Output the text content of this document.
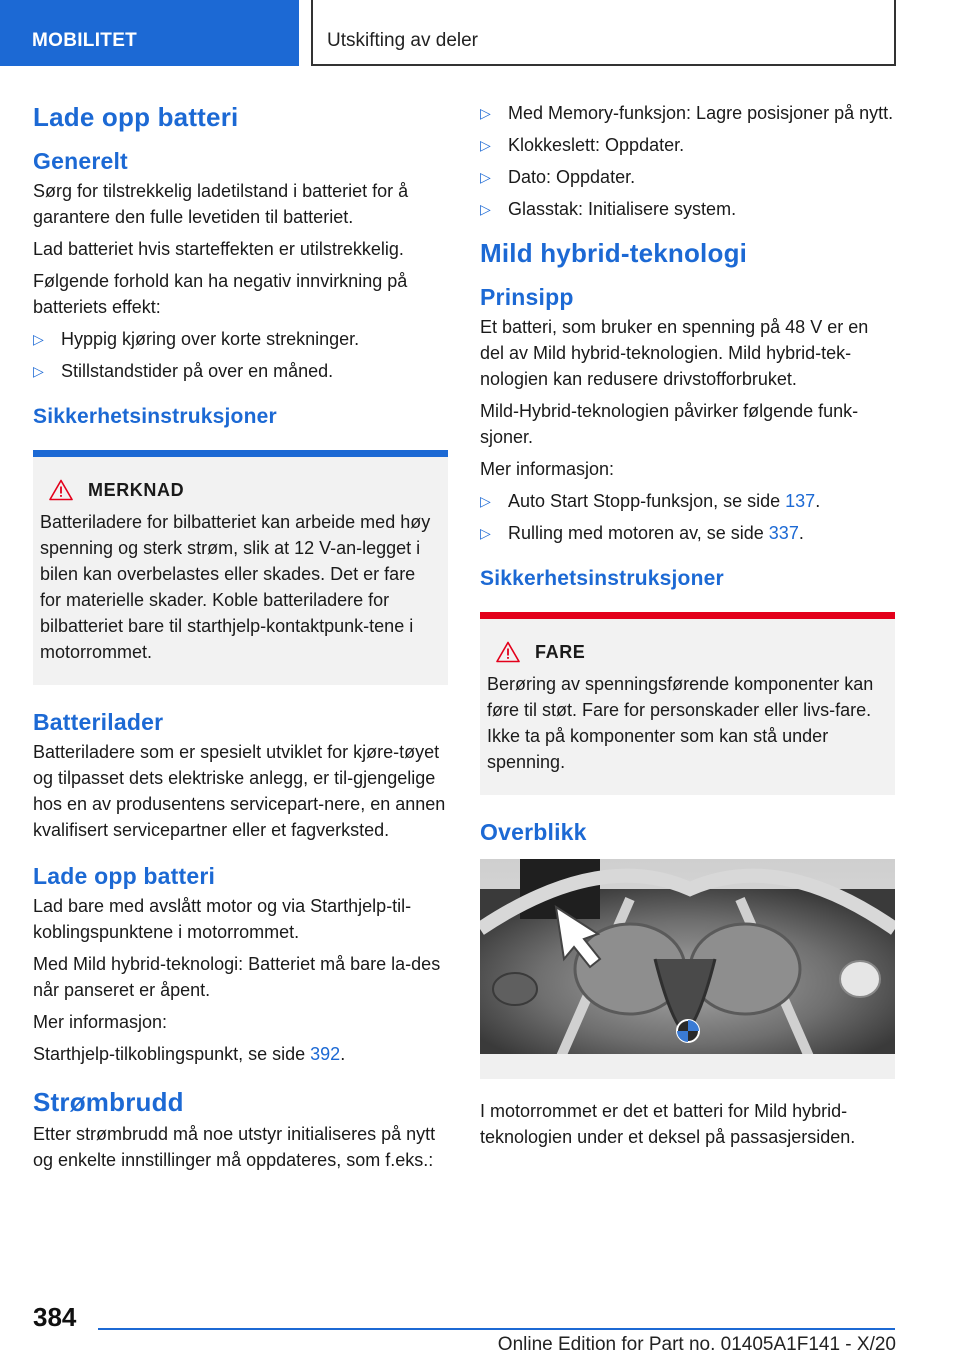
MOBILITET	Utskifting av deler
Lade opp batteri
Generelt

Sørg for tilstrekkelig ladetilstand i batteriet for å garantere den fulle levetiden til batteriet.

Lad batteriet hvis starteffekten er utilstrekkelig.

Følgende forhold kan ha negativ innvirkning på batteriets effekt:

▷ Hyppig kjøring over korte strekninger.
▷ Stillstandstider på over en måned.
Sikkerhetsinstruksjoner
MERKNAD

Batteriladere for bilbatteriet kan arbeide med høy spenning og sterk strøm, slik at 12 V-an-legget i bilen kan overbelastes eller skades. Det er fare for materielle skader. Koble batteriladere for bilbatteriet bare til starthjelp-kontaktpunk-tene i motorrommet.

Batterilader

Batteriladere som er spesielt utviklet for kjøre-tøyet og tilpasset dets elektriske anlegg, er til-gjengelige hos en av produsentens servicepart-nere, en annen kvalifisert servicepartner eller et fagverksted.

Lade opp batteri

Lad bare med avslått motor og via Starthjelp-til-koblingspunktene i motorrommet.

Med Mild hybrid-teknologi: Batteriet må bare la-des når panseret er åpent.

Mer informasjon:

Starthjelp-tilkoblingspunkt, se side 392.

Strømbrudd

Etter strømbrudd må noe utstyr initialiseres på nytt og enkelte innstillinger må oppdateres, som f.eks.:

▷ Med Memory-funksjon: Lagre posisjoner på nytt.
▷ Klokkeslett: Oppdater.
▷ Dato: Oppdater.
▷ Glasstak: Initialisere system.
Mild hybrid-teknologi
Prinsipp

Et batteri, som bruker en spenning på 48 V er en del av Mild hybrid-teknologien. Mild hybrid-tek-nologien kan redusere drivstofforbruket.

Mild-Hybrid-teknologien påvirker følgende funk-sjoner.

Mer informasjon:

▷ Auto Start Stopp-funksjon, se side 137.
▷ Rulling med motoren av, se side 337.
Sikkerhetsinstruksjoner
FARE

Berøring av spenningsførende komponenter kan føre til støt. Fare for personskader eller livs-fare. Ikke ta på komponenter som kan stå under spenning.

Overblikk

I motorrommet er det et batteri for Mild hybrid-teknologien under et deksel på passasjersiden.

384
Online Edition for Part no. 01405A1F141 - X/20
